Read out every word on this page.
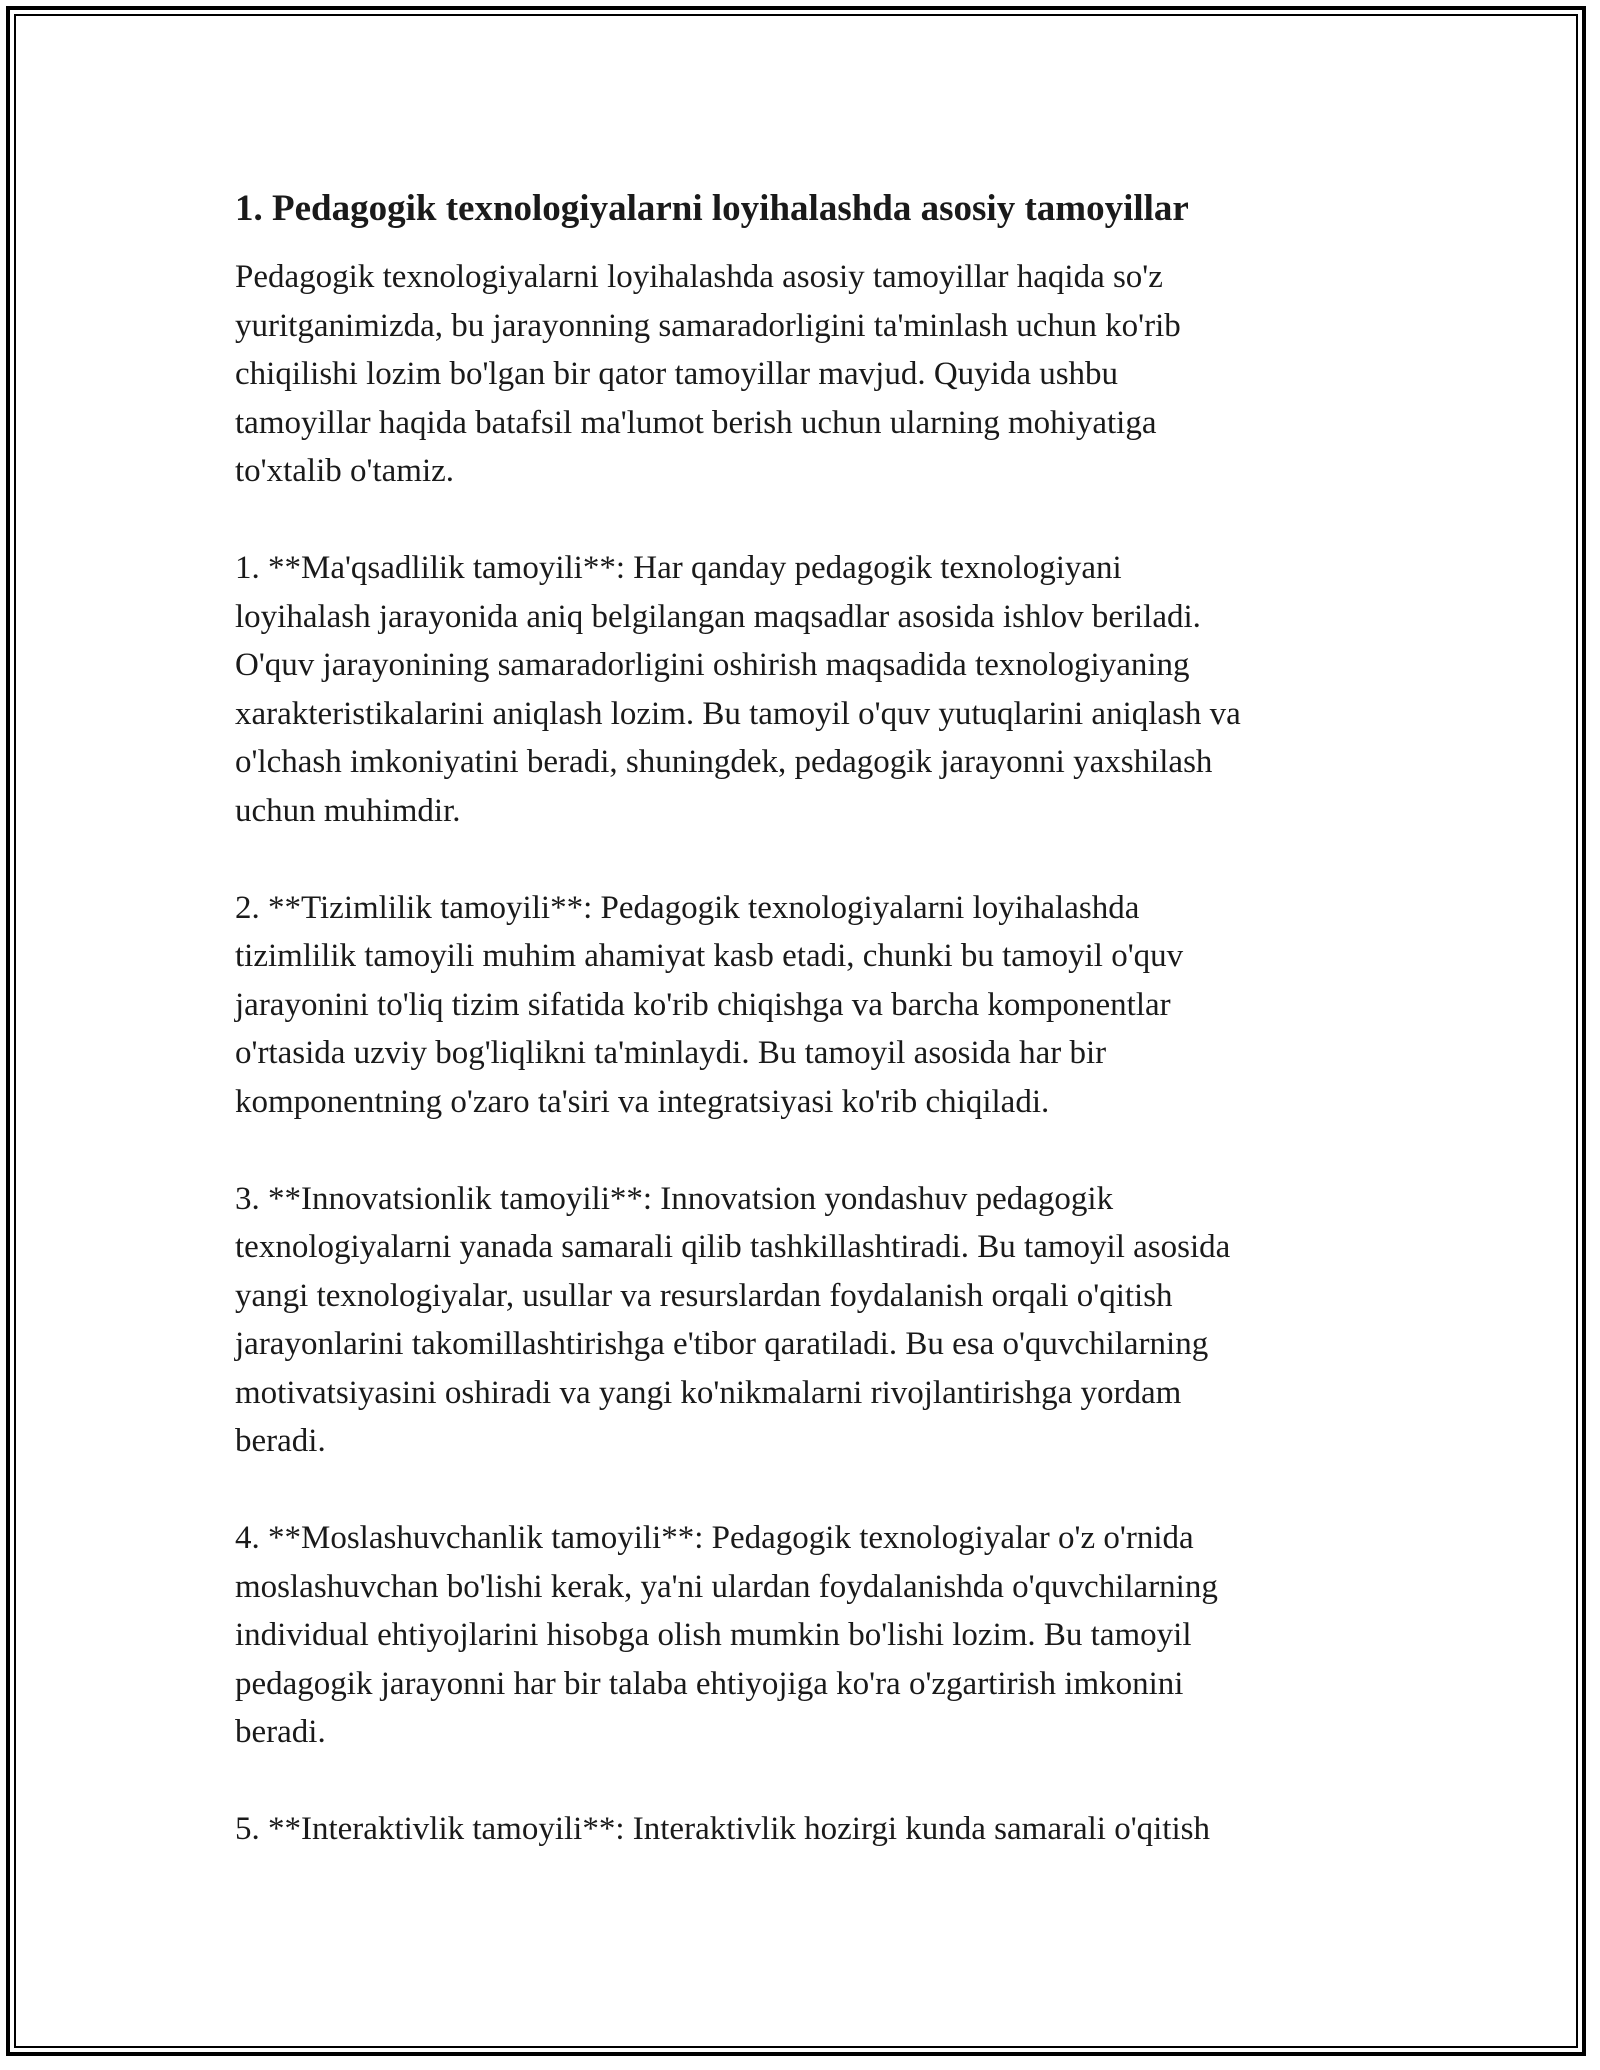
1. Pedagogik texnologiyalarni loyihalashda asosiy tamoyillar
Pedagogik texnologiyalarni loyihalashda asosiy tamoyillar haqida so'z
yuritganimizda, bu jarayonning samaradorligini ta'minlash uchun ko'rib
chiqilishi lozim bo'lgan bir qator tamoyillar mavjud. Quyida ushbu
tamoyillar haqida batafsil ma'lumot berish uchun ularning mohiyatiga
to'xtalib o'tamiz.
1. **Ma'qsadlilik tamoyili**: Har qanday pedagogik texnologiyani
loyihalash jarayonida aniq belgilangan maqsadlar asosida ishlov beriladi.
O'quv jarayonining samaradorligini oshirish maqsadida texnologiyaning
xarakteristikalarini aniqlash lozim. Bu tamoyil o'quv yutuqlarini aniqlash va
o'lchash imkoniyatini beradi, shuningdek, pedagogik jarayonni yaxshilash
uchun muhimdir.
2. **Tizimlilik tamoyili**: Pedagogik texnologiyalarni loyihalashda
tizimlilik tamoyili muhim ahamiyat kasb etadi, chunki bu tamoyil o'quv
jarayonini to'liq tizim sifatida ko'rib chiqishga va barcha komponentlar
o'rtasida uzviy bog'liqlikni ta'minlaydi. Bu tamoyil asosida har bir
komponentning o'zaro ta'siri va integratsiyasi ko'rib chiqiladi.
3. **Innovatsionlik tamoyili**: Innovatsion yondashuv pedagogik
texnologiyalarni yanada samarali qilib tashkillashtiradi. Bu tamoyil asosida
yangi texnologiyalar, usullar va resurslardan foydalanish orqali o'qitish
jarayonlarini takomillashtirishga e'tibor qaratiladi. Bu esa o'quvchilarning
motivatsiyasini oshiradi va yangi ko'nikmalarni rivojlantirishga yordam
beradi.
4. **Moslashuvchanlik tamoyili**: Pedagogik texnologiyalar o'z o'rnida
moslashuvchan bo'lishi kerak, ya'ni ulardan foydalanishda o'quvchilarning
individual ehtiyojlarini hisobga olish mumkin bo'lishi lozim. Bu tamoyil
pedagogik jarayonni har bir talaba ehtiyojiga ko'ra o'zgartirish imkonini
beradi.
5. **Interaktivlik tamoyili**: Interaktivlik hozirgi kunda samarali o'qitish
